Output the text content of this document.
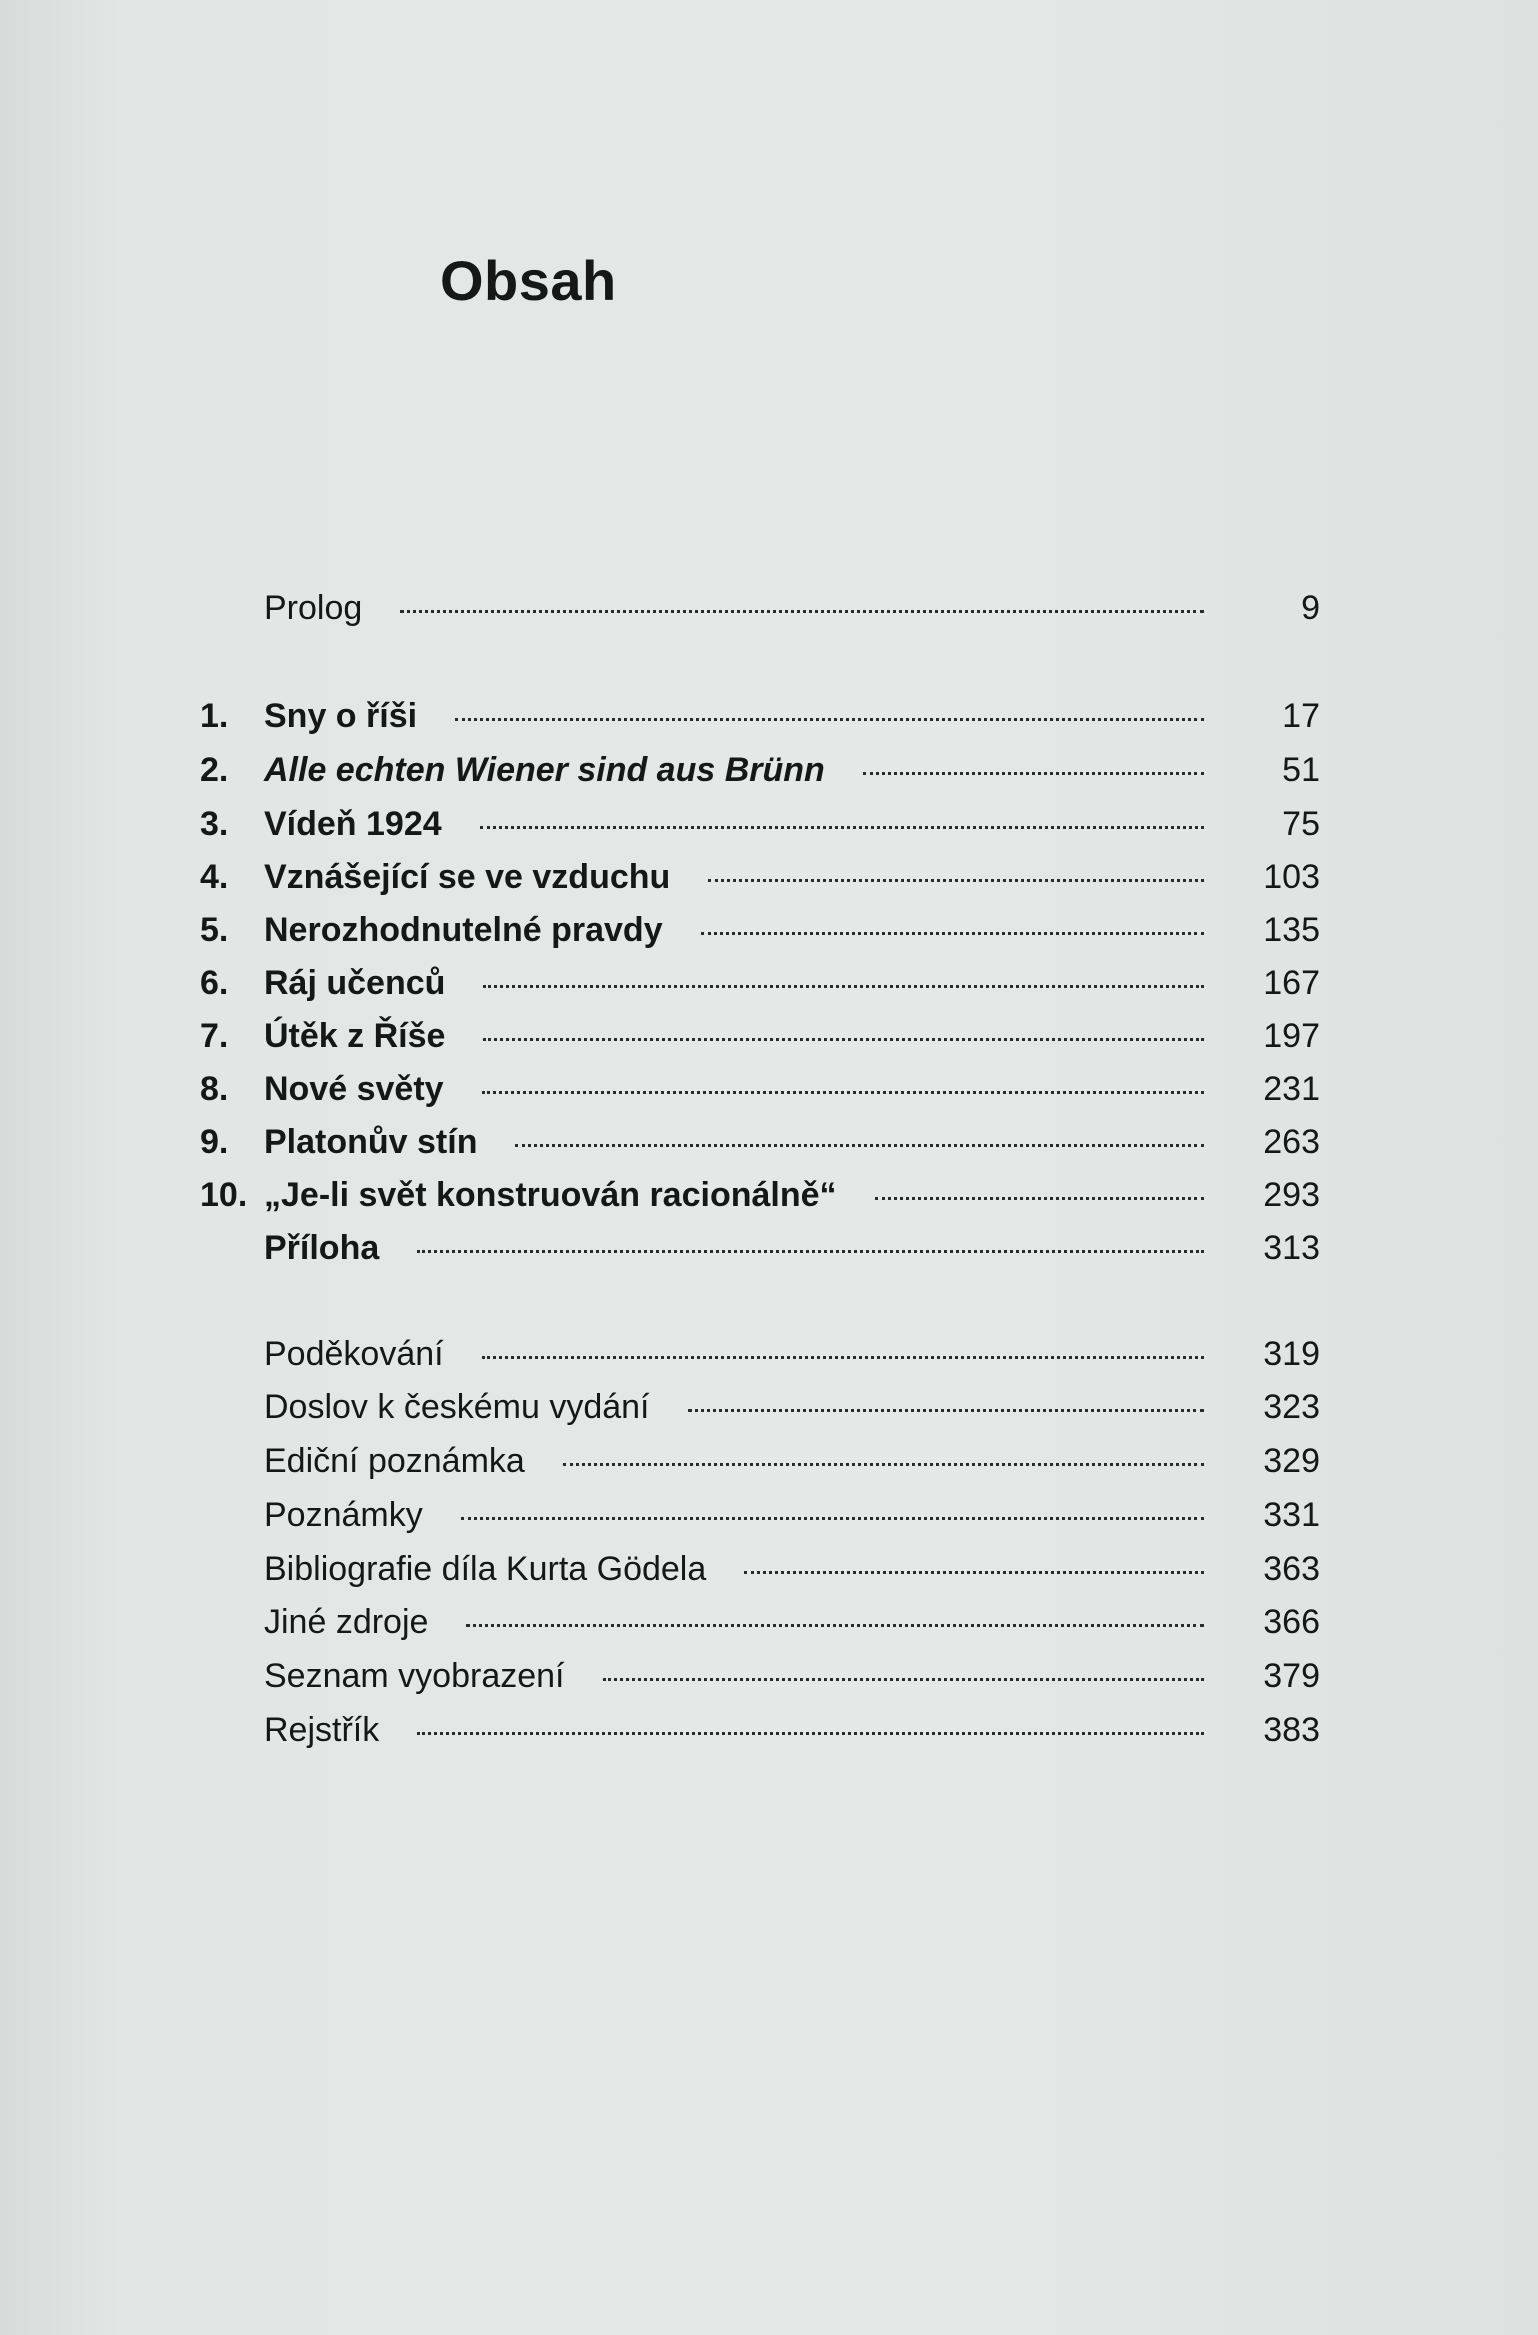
Obsah
Prolog	9
1.	Sny o říši	17
2.	Alle echten Wiener sind aus Brünn	51
3.	Vídeň 1924	75
4.	Vznášející se ve vzduchu	103
5.	Nerozhodnutelné pravdy	135
6.	Ráj učenců	167
7.	Útěk z Říše	197
8.	Nové světy	231
9.	Platonův stín	263
10. „Je-li svět konstruován racionálně“	293
Příloha	313
Poděkování	319
Doslov k českému vydání	323
Ediční poznámka	329
Poznámky	331
Bibliografie díla Kurta Gödela	363
Jiné zdroje	366
Seznam vyobrazení	379
Rejstřík	383
